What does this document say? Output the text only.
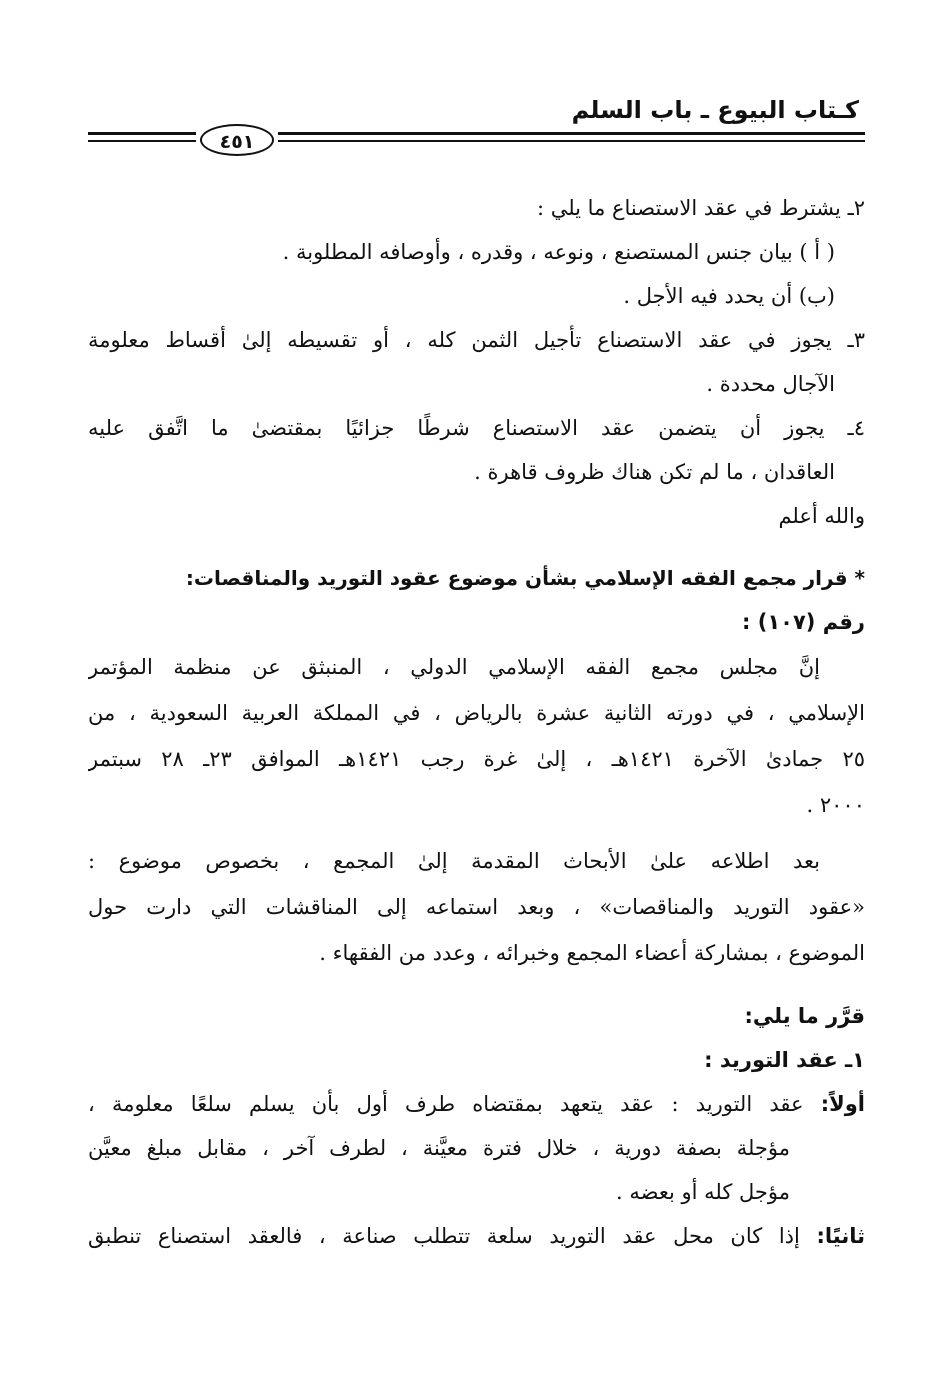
كـتاب البيوع ـ باب السلم
٤٥١
٢ـ يشترط في عقد الاستصناع ما يلي :
( أ ) بيان جنس المستصنع ، ونوعه ، وقدره ، وأوصافه المطلوبة .
(ب) أن يحدد فيه الأجل .
٣ـ يجوز في عقد الاستصناع تأجيل الثمن كله ، أو تقسيطه إلىٰ أقساط معلومة
الآجال محددة .
٤ـ يجوز أن يتضمن عقد الاستصناع شرطًا جزائيًا بمقتضىٰ ما اتَّفق عليه
العاقدان ، ما لم تكن هناك ظروف قاهرة .
والله أعلم
* قرار مجمع الفقه الإسلامي بشأن موضوع عقود التوريد والمناقصات:
رقم (١٠٧) :
إنَّ مجلس مجمع الفقه الإسلامي الدولي ، المنبثق عن منظمة المؤتمر
الإسلامي ، في دورته الثانية عشرة بالرياض ، في المملكة العربية السعودية ، من
٢٥ جمادىٰ الآخرة ١٤٢١هـ ، إلىٰ غرة رجب ١٤٢١هـ الموافق ٢٣ـ ٢٨ سبتمر
٢٠٠٠ .
بعد اطلاعه علىٰ الأبحاث المقدمة إلىٰ المجمع ، بخصوص موضوع :
«عقود التوريد والمناقصات» ، وبعد استماعه إلى المناقشات التي دارت حول
الموضوع ، بمشاركة أعضاء المجمع وخبرائه ، وعدد من الفقهاء .
قرَّر ما يلي:
١ـ عقد التوريد :
أولاً: عقد التوريد : عقد يتعهد بمقتضاه طرف أول بأن يسلم سلعًا معلومة ،
مؤجلة بصفة دورية ، خلال فترة معيَّنة ، لطرف آخر ، مقابل مبلغ معيَّن
مؤجل كله أو بعضه .
ثانيًا: إذا كان محل عقد التوريد سلعة تتطلب صناعة ، فالعقد استصناع تنطبق
